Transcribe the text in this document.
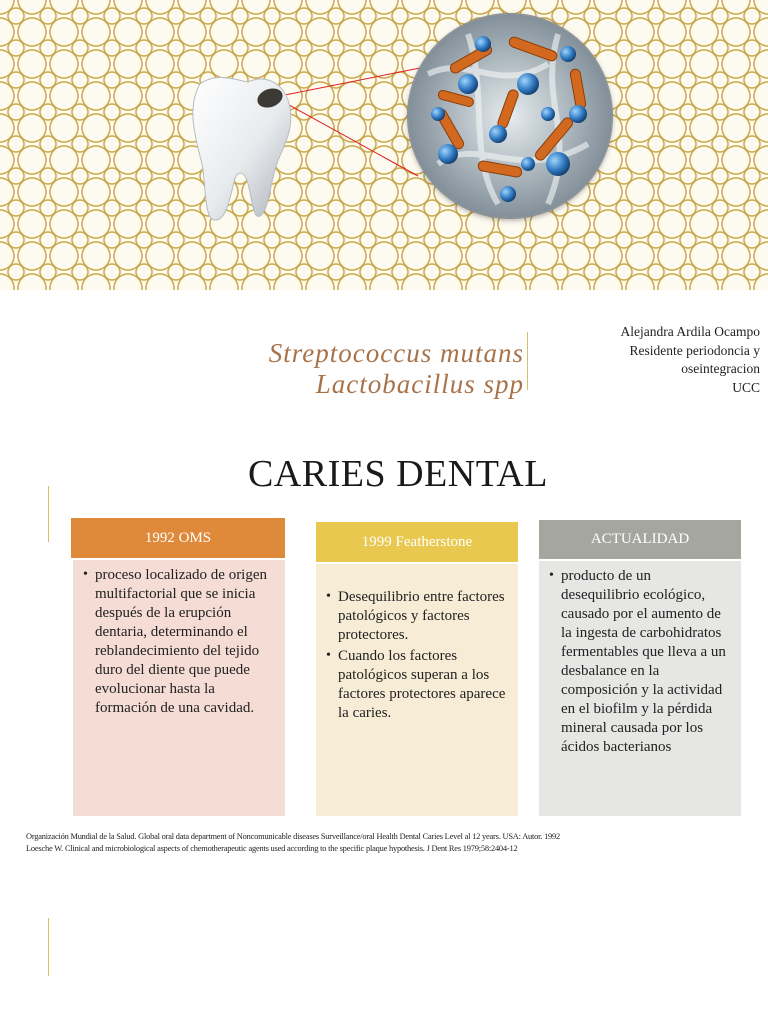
Streptococcus mutans
Lactobacillus spp
Alejandra Ardila Ocampo
Residente periodoncia y
oseintegracion
UCC
CARIES DENTAL
1992 OMS
• proceso localizado de origen multifactorial que se inicia después de la erupción dentaria, determinando el reblandecimiento del tejido duro del diente que puede evolucionar hasta la formación de una cavidad.
1999 Featherstone
• Desequilibrio entre factores patológicos y factores protectores.
• Cuando los factores patológicos superan a los factores protectores aparece la caries.
ACTUALIDAD
• producto de un desequilibrio ecológico, causado por el aumento de la ingesta de carbohidratos fermentables que lleva a un desbalance en la composición y la actividad en el biofilm y la pérdida mineral causada por los ácidos bacterianos
Organización Mundial de la Salud. Global oral data department of Noncomunicable diseases Surveillance/oral Health Dental Caries Level al 12 years. USA: Autor. 1992
Loesche W. Clinical and microbiological aspects of chemotherapeutic agents used according to the specific plaque hypothesis. J Dent Res 1979;58:2404-12
